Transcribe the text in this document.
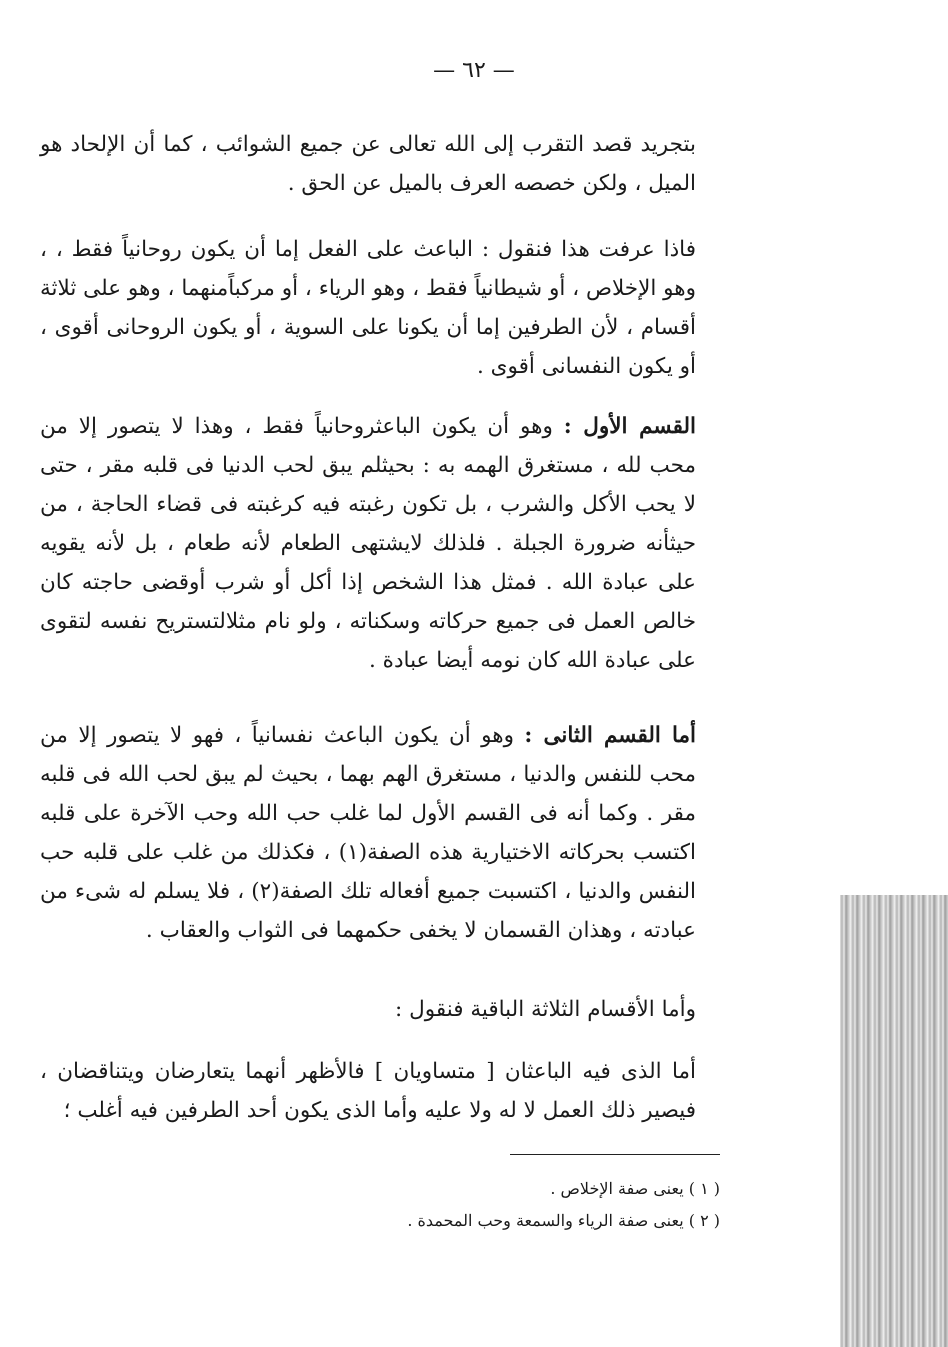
— ٦٢ —
بتجريد قصد التقرب إلى الله تعالى عن جميع الشوائب ، كما أن الإلحاد هو الميل ، ولكن خصصه العرف بالميل عن الحق .
فاذا عرفت هذا فنقول : الباعث على الفعل إما أن يكون روحانياً فقط ، ، وهو الإخلاص ، أو شيطانياً فقط ، وهو الرياء ، أو مركباًمنهما ، وهو على ثلاثة أقسام ، لأن الطرفين إما أن يكونا على السوية ، أو يكون الروحانى أقوى ، أو يكون النفسانى أقوى .
القسم الأول : وهو أن يكون الباعثروحانياً فقط ، وهذا لا يتصور إلا من محب لله ، مستغرق الهمه به : بحيثلم يبق لحب الدنيا فى قلبه مقر ، حتى لا يحب الأكل والشرب ، بل تكون رغبته فيه كرغبته فى قضاء الحاجة ، من حيثأنه ضرورة الجبلة . فلذلك لايشتهى الطعام لأنه طعام ، بل لأنه يقويه على عبادة الله . فمثل هذا الشخص إذا أكل أو شرب أوقضى حاجته كان خالص العمل فى جميع حركاته وسكناته ، ولو نام مثلالتستريح نفسه لتقوى على عبادة الله كان نومه أيضا عبادة .
أما القسم الثانى : وهو أن يكون الباعث نفسانياً ، فهو لا يتصور إلا من محب للنفس والدنيا ، مستغرق الهم بهما ، بحيث لم يبق لحب الله فى قلبه مقر . وكما أنه فى القسم الأول لما غلب حب الله وحب الآخرة على قلبه اكتسب بحركاته الاختيارية هذه الصفة(١) ، فكذلك من غلب على قلبه حب النفس والدنيا ، اكتسبت جميع أفعاله تلك الصفة(٢) ، فلا يسلم له شىء من عبادته ، وهذان القسمان لا يخفى حكمهما فى الثواب والعقاب .
وأما الأقسام الثلاثة الباقية فنقول :
أما الذى فيه الباعثان [ متساويان ] فالأظهر أنهما يتعارضان ويتناقضان ، فيصير ذلك العمل لا له ولا عليه وأما الذى يكون أحد الطرفين فيه أغلب ؛
( ١ ) يعنى صفة الإخلاص .
( ٢ ) يعنى صفة الرياء والسمعة وحب المحمدة .
